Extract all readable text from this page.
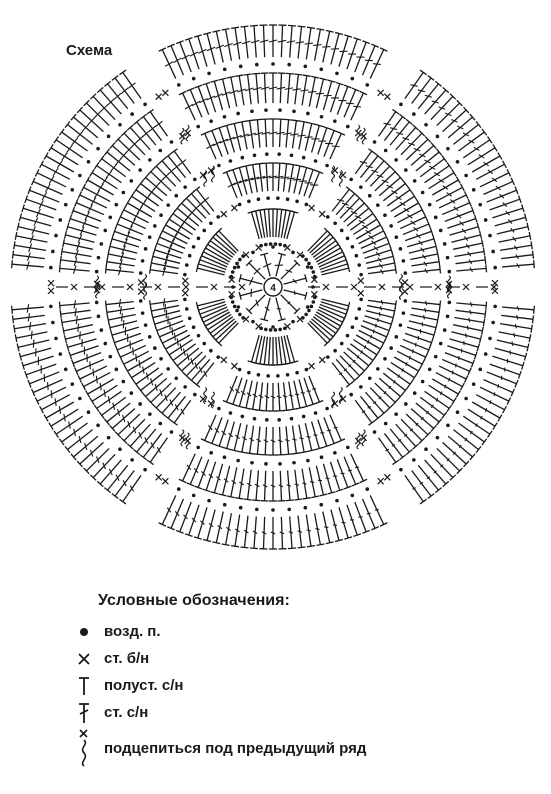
4
Схема
Условные обозначения:
возд. п.
ст. б/н
полуст. с/н
ст. с/н
подцепиться под предыдущий ряд
